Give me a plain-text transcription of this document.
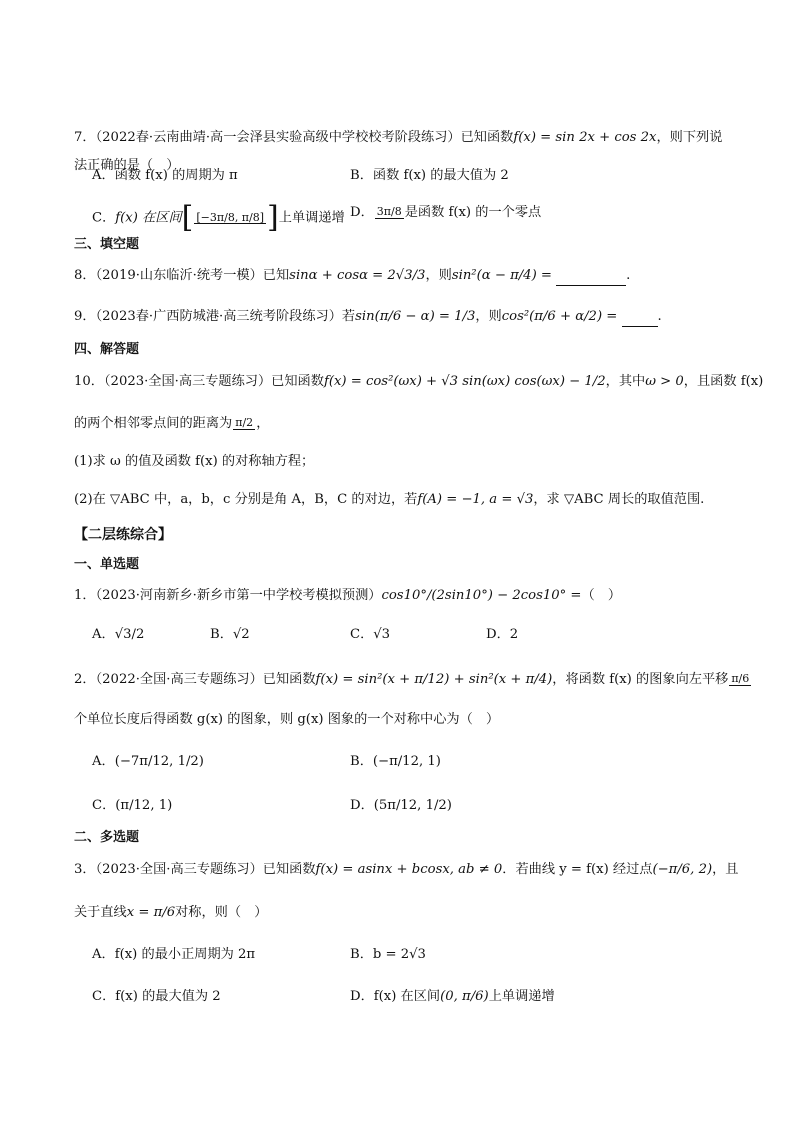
7．（2022春·云南曲靖·高一会泽县实验高级中学校校考阶段练习）已知函数f(x) = sin 2x + cos 2x，则下列说
法正确的是（　）
A．函数 f(x) 的周期为 π	B．函数 f(x) 的最大值为 2
C．f(x) 在区间[ [−3π/8, π/8] ]上单调递增 D． 3π/8 是函数 f(x) 的一个零点
三、填空题
8．（2019·山东临沂·统考一模）已知sinα + cosα = 2√3/3，则sin²(α − π/4) =	.
9．（2023春·广西防城港·高三统考阶段练习）若sin(π/6 − α) = 1/3，则cos²(π/6 + α/2) =	.
四、解答题
10．（2023·全国·高三专题练习）已知函数f(x) = cos²(ωx) + √3 sin(ωx) cos(ωx) − 1/2，其中ω > 0，且函数 f(x)
的两个相邻零点间的距离为 π/2 ，
(1)求 ω 的值及函数 f(x) 的对称轴方程；
(2)在 ▽ABC 中，a，b，c 分别是角 A，B，C 的对边，若f(A) = −1, a = √3，求 ▽ABC 周长的取值范围.
【二层练综合】
一、单选题
1．（2023·河南新乡·新乡市第一中学校考模拟预测）cos10°/(2sin10°) − 2cos10° =（　）
A．√3/2	B．√2	C．√3	D．2
2．（2022·全国·高三专题练习）已知函数f(x) = sin²(x + π/12) + sin²(x + π/4)，将函数 f(x) 的图象向左平移 π/6
个单位长度后得函数 g(x) 的图象，则 g(x) 图象的一个对称中心为（　）
A．(−7π/12, 1/2)	B．(−π/12, 1)
C．(π/12, 1)	D．(5π/12, 1/2)
二、多选题
3．（2023·全国·高三专题练习）已知函数f(x) = asinx + bcosx, ab ≠ 0．若曲线 y = f(x) 经过点(−π/6, 2)，且
关于直线x = π/6对称，则（　）
A．f(x) 的最小正周期为 2π	B．b = 2√3
C．f(x) 的最大值为 2	D．f(x) 在区间(0, π/6)上单调递增
